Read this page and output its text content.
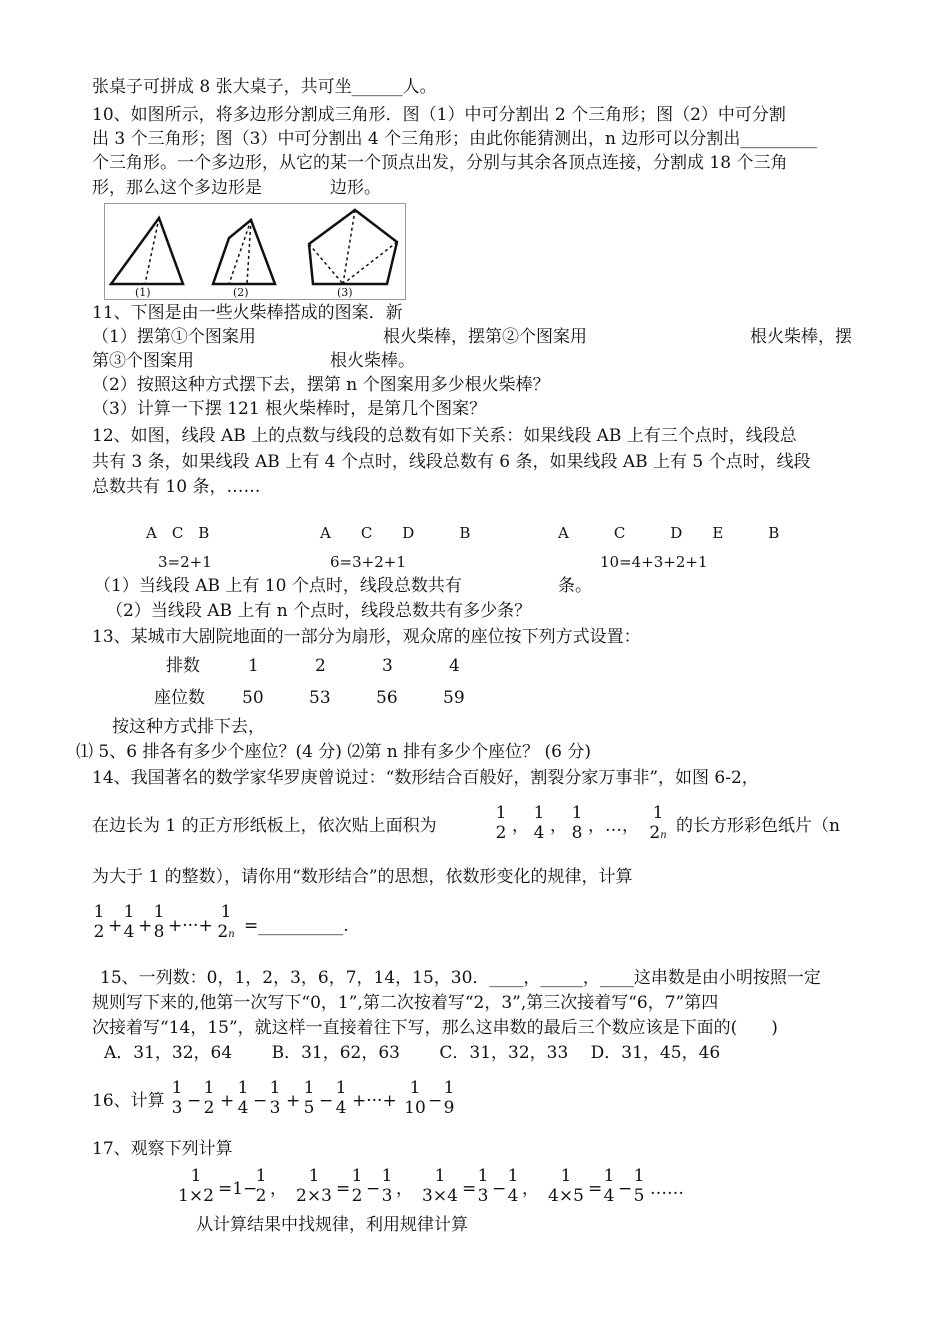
张桌子可拼成 8 张大桌子，共可坐______人。
10、如图所示，将多边形分割成三角形．图（1）中可分割出 2 个三角形；图（2）中可分割
出 3 个三角形；图（3）中可分割出 4 个三角形；由此你能猜测出，n 边形可以分割出_________
个三角形。一个多边形，从它的某一个顶点出发，分别与其余各顶点连接，分割成 18 个三角
形，那么这个多边形是　　　　边形。
(1)	(2)	(3)
11、下图是由一些火柴棒搭成的图案．新
（1）摆第①个图案用	根火柴棒，摆第②个图案用	根火柴棒，摆
第③个图案用	根火柴棒。
（2）按照这种方式摆下去，摆第 n 个图案用多少根火柴棒？
（3）计算一下摆 121 根火柴棒时，是第几个图案？
12、如图，线段 AB 上的点数与线段的总数有如下关系：如果线段 AB 上有三个点时，线段总
共有 3 条，如果线段 AB 上有 4 个点时，线段总数有 6 条，如果线段 AB 上有 5 个点时，线段
总数共有 10 条，……
A　C　B	A　　C　　D　　　B	A　　　C　　　D　　E　　　B
3=2+1	6=3+2+1	10=4+3+2+1
（1）当线段 AB 上有 10 个点时，线段总数共有	条。
（2）当线段 AB 上有 n 个点时，线段总数共有多少条？
13、某城市大剧院地面的一部分为扇形，观众席的座位按下列方式设置：
排数	1	2	3	4
座位数 50	53	56	59
按这种方式排下去，
⑴ 5、6 排各有多少个座位？(4 分) ⑵第 n 排有多少个座位？ (6 分)
14、我国著名的数学家华罗庚曾说过：“数形结合百般好，割裂分家万事非”，如图 6-2，
在边长为 1 的正方形纸板上，依次贴上面积为
1
2 ，
1
4 ，
1
8 ，…，
1
2n 的长方形彩色纸片（n
为大于 1 的整数），请你用“数形结合”的思想，依数形变化的规律，计算
1
2 +
1
4 +
1
8 +···+
1
2n =__________.
15、一列数：0，1，2，3，6，7，14，15，30．____，_____，____这串数是由小明按照一定
规则写下来的,他第一次写下“0，1”,第二次按着写“2，3”,第三次接着写“6，7”第四
次接着写“14，15”，就这样一直接着往下写，那么这串数的最后三个数应该是下面的(　　)
A．31，32，64　　 B．31，62，63　　 C．31，32，33　 D．31，45，46
16、计算
1
3 −
1
2 +
1
4 −
1
3 +
1
5 −
1
4 +···+
1
10 −
1
9
17、观察下列计算
1
1×2 =1−
1
2 ，
1
2×3 =
1
2 −
1
3 ，
1
3×4 =
1
3 −
1
4 ，
1
4×5 =
1
4 −
1
5 ……
从计算结果中找规律，利用规律计算
